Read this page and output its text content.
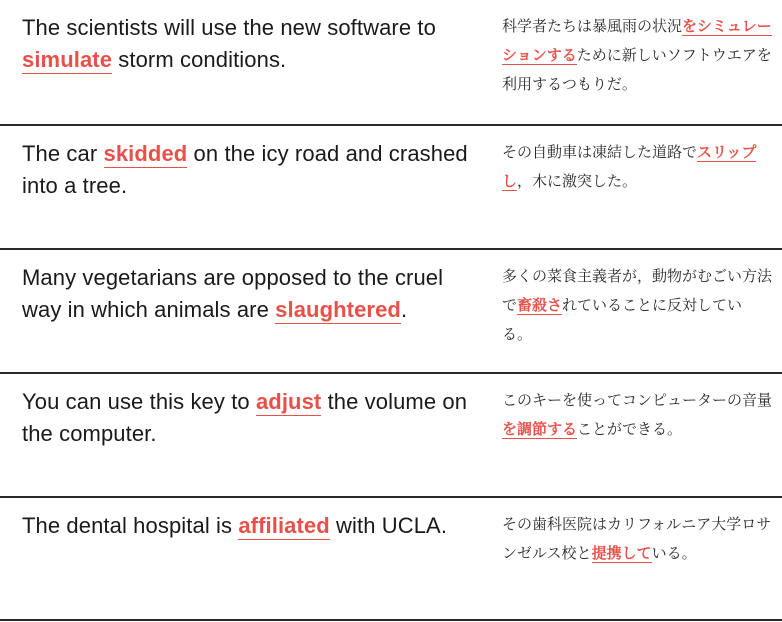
The scientists will use the new software to simulate storm conditions.
科学者たちは暴風雨の状況をシミュレーションするために新しいソフトウエアを利用するつもりだ。
The car skidded on the icy road and crashed into a tree.
その自動車は凍結した道路でスリップし，木に激突した。
Many vegetarians are opposed to the cruel way in which animals are slaughtered.
多くの菜食主義者が，動物がむごい方法で畜殺されていることに反対している。
You can use this key to adjust the volume on the computer.
このキーを使ってコンピューターの音量を調節することができる。
The dental hospital is affiliated with UCLA.	その歯科医院はカリフォルニア大学ロサンゼルス校と提携している。
